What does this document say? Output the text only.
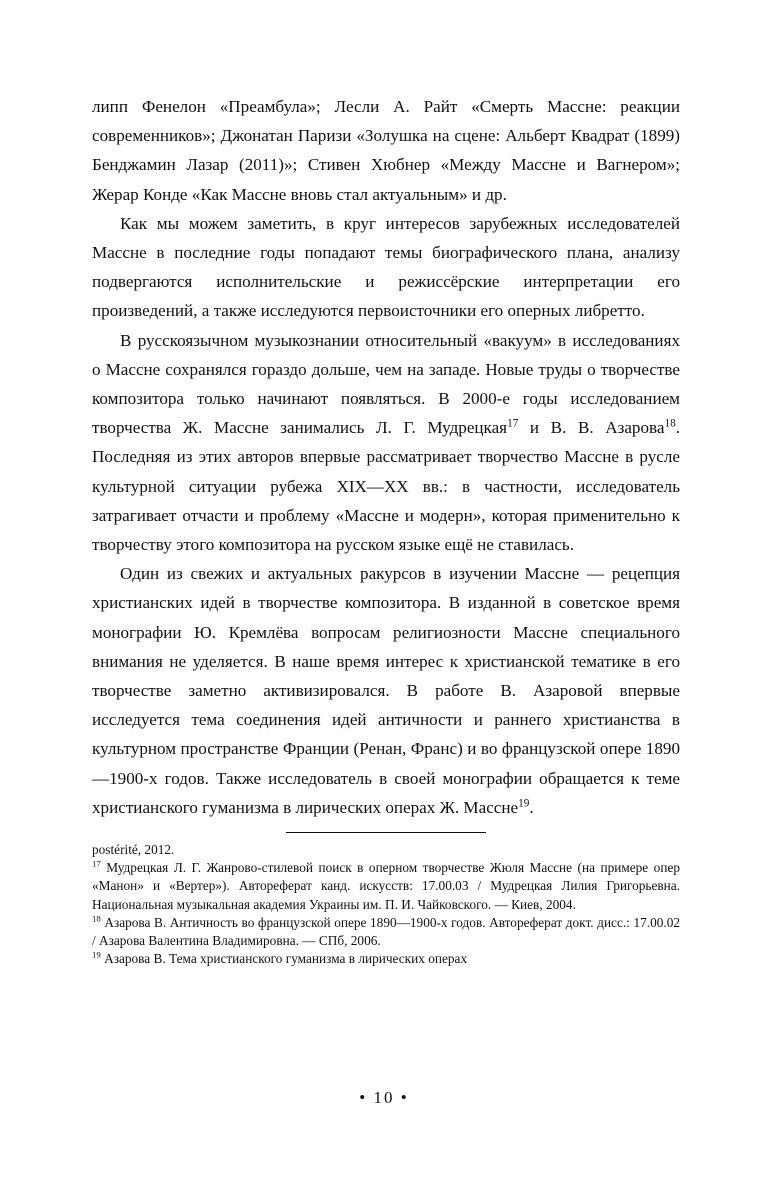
липп Фенелон «Преамбула»; Лесли А. Райт «Смерть Массне: реакции современников»; Джонатан Паризи «Золушка на сцене: Альберт Квадрат (1899) Бенджамин Лазар (2011)»; Стивен Хюбнер «Между Массне и Вагнером»; Жерар Конде «Как Массне вновь стал актуальным» и др.

Как мы можем заметить, в круг интересов зарубежных исследователей Массне в последние годы попадают темы биографического плана, анализу подвергаются исполнительские и режиссёрские интерпретации его произведений, а также исследуются первоисточники его оперных либретто.

В русскоязычном музыкознании относительный «вакуум» в исследованиях о Массне сохранялся гораздо дольше, чем на западе. Новые труды о творчестве композитора только начинают появляться. В 2000-е годы исследованием творчества Ж. Массне занимались Л. Г. Мудрецкая$^{17}$ и В. В. Азарова$^{18}$. Последняя из этих авторов впервые рассматривает творчество Массне в русле культурной ситуации рубежа XIX—XX вв.: в частности, исследователь затрагивает отчасти и проблему «Массне и модерн», которая применительно к творчеству этого композитора на русском языке ещё не ставилась.

Один из свежих и актуальных ракурсов в изучении Массне — рецепция христианских идей в творчестве композитора. В изданной в советское время монографии Ю. Кремлёва вопросам религиозности Массне специального внимания не уделяется. В наше время интерес к христианской тематике в его творчестве заметно активизировался. В работе В. Азаровой впервые исследуется тема соединения идей античности и раннего христианства в культурном пространстве Франции (Ренан, Франс) и во французской опере 1890—1900-х годов. Также исследователь в своей монографии обращается к теме христианского гуманизма в лирических операх Ж. Массне$^{19}$.

postérité, 2012.

$^{17}$ Мудрецкая Л. Г. Жанрово-стилевой поиск в оперном творчестве Жюля Массне (на примере опер «Манон» и «Вертер»). Автореферат канд. искусств: 17.00.03 / Мудрецкая Лилия Григорьевна. Национальная музыкальная академия Украины им. П. И. Чайковского. — Киев, 2004.

$^{18}$ Азарова В. Античность во французской опере 1890—1900-х годов. Автореферат докт. дисс.: 17.00.02 / Азарова Валентина Владимировна. — СПб, 2006.

$^{19}$ Азарова В. Тема христианского гуманизма в лирических операх

• 10 •
